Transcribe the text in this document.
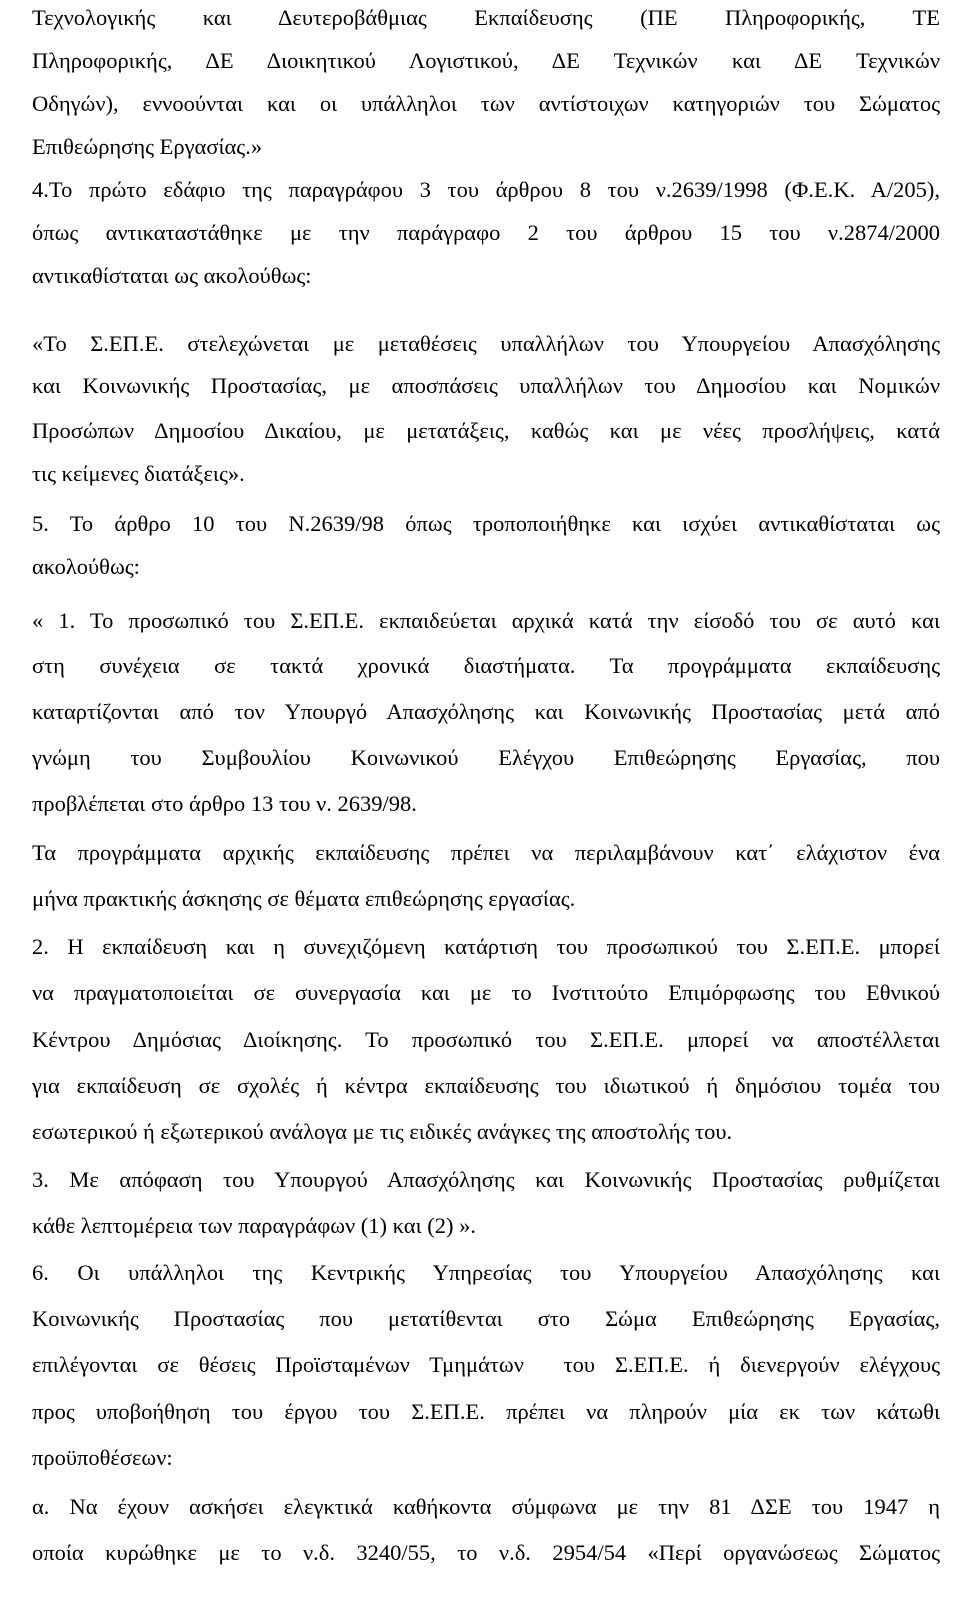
Τεχνολογικής και Δευτεροβάθμιας Εκπαίδευσης (ΠΕ Πληροφορικής, ΤΕ
Πληροφορικής, ΔΕ Διοικητικού Λογιστικού, ΔΕ Τεχνικών και ΔΕ Τεχνικών
Οδηγών), εννοούνται και οι υπάλληλοι των αντίστοιχων κατηγοριών του Σώματος
Επιθεώρησης Εργασίας.»
4.Το πρώτο εδάφιο της παραγράφου 3 του άρθρου 8 του ν.2639/1998 (Φ.Ε.Κ. Α/205),
όπως αντικαταστάθηκε με την παράγραφο 2 του άρθρου 15 του ν.2874/2000
αντικαθίσταται ως ακολούθως:
«Το Σ.ΕΠ.Ε. στελεχώνεται με μεταθέσεις υπαλλήλων του Υπουργείου Απασχόλησης
και Κοινωνικής Προστασίας, με αποσπάσεις υπαλλήλων του Δημοσίου και Νομικών
Προσώπων Δημοσίου Δικαίου, με μετατάξεις, καθώς και με νέες προσλήψεις, κατά
τις κείμενες διατάξεις».
5. Το άρθρο 10 του Ν.2639/98 όπως τροποποιήθηκε και ισχύει αντικαθίσταται ως
ακολούθως:
« 1. Το προσωπικό του Σ.ΕΠ.Ε. εκπαιδεύεται αρχικά κατά την είσοδό του σε αυτό και
στη συνέχεια σε τακτά χρονικά διαστήματα. Τα προγράμματα εκπαίδευσης
καταρτίζονται από τον Υπουργό Απασχόλησης και Κοινωνικής Προστασίας μετά από
γνώμη του Συμβουλίου Κοινωνικού Ελέγχου Επιθεώρησης Εργασίας, που
προβλέπεται στο άρθρο 13 του ν. 2639/98.
Τα προγράμματα αρχικής εκπαίδευσης πρέπει να περιλαμβάνουν κατ΄ ελάχιστον ένα
μήνα πρακτικής άσκησης σε θέματα επιθεώρησης εργασίας.
2. Η εκπαίδευση και η συνεχιζόμενη κατάρτιση του προσωπικού του Σ.ΕΠ.Ε. μπορεί
να πραγματοποιείται σε συνεργασία και με το Ινστιτούτο Επιμόρφωσης του Εθνικού
Κέντρου Δημόσιας Διοίκησης. Το προσωπικό του Σ.ΕΠ.Ε. μπορεί να αποστέλλεται
για εκπαίδευση σε σχολές ή κέντρα εκπαίδευσης του ιδιωτικού ή δημόσιου τομέα του
εσωτερικού ή εξωτερικού ανάλογα με τις ειδικές ανάγκες της αποστολής του.
3. Με απόφαση του Υπουργού Απασχόλησης και Κοινωνικής Προστασίας ρυθμίζεται
κάθε λεπτομέρεια των παραγράφων (1) και (2) ».
6. Οι υπάλληλοι της Κεντρικής Υπηρεσίας του Υπουργείου Απασχόλησης και
Κοινωνικής Προστασίας που μετατίθενται στο Σώμα Επιθεώρησης Εργασίας,
επιλέγονται σε θέσεις Προϊσταμένων Τμημάτων  του Σ.ΕΠ.Ε. ή διενεργούν ελέγχους
προς υποβοήθηση του έργου του Σ.ΕΠ.Ε. πρέπει να πληρούν μία εκ των κάτωθι
προϋποθέσεων:
α. Να έχουν ασκήσει ελεγκτικά καθήκοντα σύμφωνα με την 81 ΔΣΕ του 1947 η
οποία κυρώθηκε με το ν.δ. 3240/55, το ν.δ. 2954/54 «Περί οργανώσεως Σώματος
